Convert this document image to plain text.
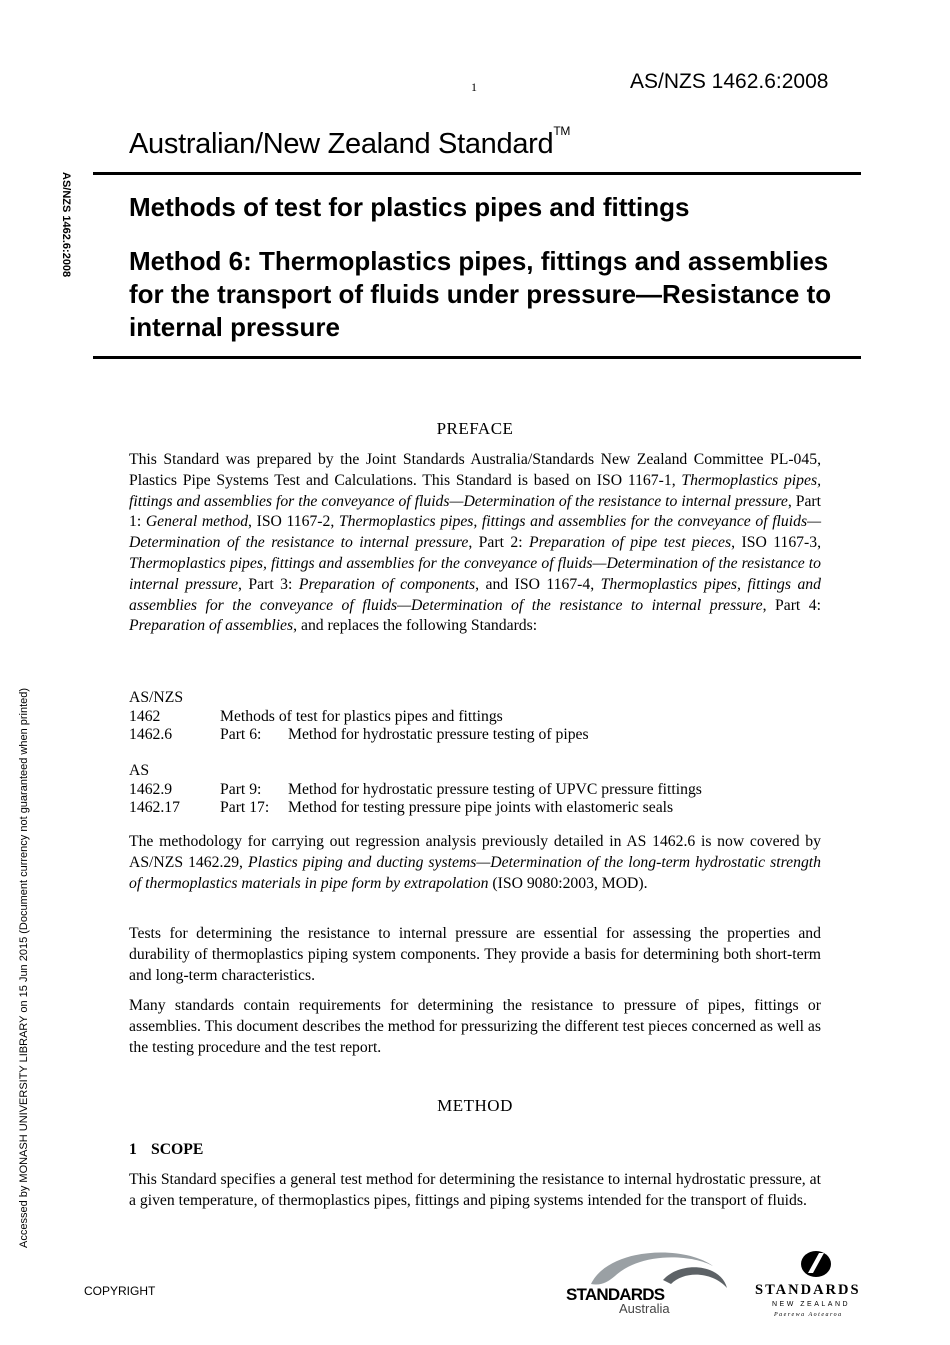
1	AS/NZS 1462.6:2008
Australian/New Zealand Standard™
Methods of test for plastics pipes and fittings
Method 6: Thermoplastics pipes, fittings and assemblies for the transport of fluids under pressure—Resistance to internal pressure
AS/NZS 1462.6:2008
Accessed by MONASH UNIVERSITY LIBRARY on 15 Jun 2015 (Document currency not guaranteed when printed)
PREFACE
This Standard was prepared by the Joint Standards Australia/Standards New Zealand Committee PL-045, Plastics Pipe Systems Test and Calculations. This Standard is based on ISO 1167-1, Thermoplastics pipes, fittings and assemblies for the conveyance of fluids—Determination of the resistance to internal pressure, Part 1: General method, ISO 1167-2, Thermoplastics pipes, fittings and assemblies for the conveyance of fluids—Determination of the resistance to internal pressure, Part 2: Preparation of pipe test pieces, ISO 1167-3, Thermoplastics pipes, fittings and assemblies for the conveyance of fluids—Determination of the resistance to internal pressure, Part 3: Preparation of components, and ISO 1167-4, Thermoplastics pipes, fittings and assemblies for the conveyance of fluids—Determination of the resistance to internal pressure, Part 4: Preparation of assemblies, and replaces the following Standards:
AS/NZS
1462	Methods of test for plastics pipes and fittings
1462.6	Part 6:	Method for hydrostatic pressure testing of pipes
AS
1462.9	Part 9:	Method for hydrostatic pressure testing of UPVC pressure fittings
1462.17	Part 17:	Method for testing pressure pipe joints with elastomeric seals
The methodology for carrying out regression analysis previously detailed in AS 1462.6 is now covered by AS/NZS 1462.29, Plastics piping and ducting systems—Determination of the long-term hydrostatic strength of thermoplastics materials in pipe form by extrapolation (ISO 9080:2003, MOD).
Tests for determining the resistance to internal pressure are essential for assessing the properties and durability of thermoplastics piping system components. They provide a basis for determining both short-term and long-term characteristics.
Many standards contain requirements for determining the resistance to pressure of pipes, fittings or assemblies. This document describes the method for pressurizing the different test pieces concerned as well as the testing procedure and the test report.
METHOD
1 SCOPE
This Standard specifies a general test method for determining the resistance to internal hydrostatic pressure, at a given temperature, of thermoplastics pipes, fittings and piping systems intended for the transport of fluids.
COPYRIGHT	STANDARDS
Australia
STANDARDS
NEW ZEALAND
Paerewa Aotearoa
